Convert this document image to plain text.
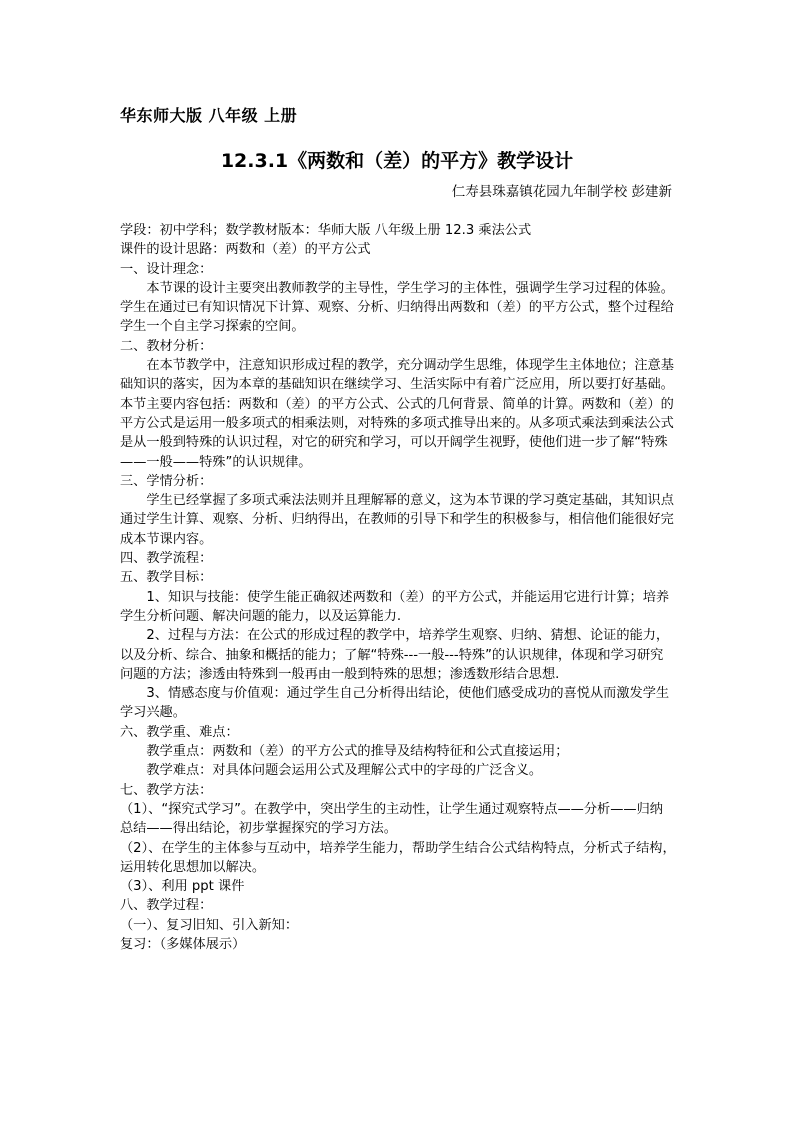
华东师大版 八年级 上册
12.3.1《两数和（差）的平方》教学设计
仁寿县珠嘉镇花园九年制学校 彭建新

学段：初中学科；数学教材版本：华师大版 八年级上册 12.3 乘法公式

课件的设计思路：两数和（差）的平方公式

一、设计理念：

本节课的设计主要突出教师教学的主导性，学生学习的主体性，强调学生学习过程的体验。学生在通过已有知识情况下计算、观察、分析、归纳得出两数和（差）的平方公式，整个过程给学生一个自主学习探索的空间。

二、教材分析：

在本节教学中，注意知识形成过程的教学，充分调动学生思维，体现学生主体地位；注意基础知识的落实，因为本章的基础知识在继续学习、生活实际中有着广泛应用，所以要打好基础。本节主要内容包括：两数和（差）的平方公式、公式的几何背景、简单的计算。两数和（差）的平方公式是运用一般多项式的相乘法则，对特殊的多项式推导出来的。从多项式乘法到乘法公式是从一般到特殊的认识过程，对它的研究和学习，可以开阔学生视野，使他们进一步了解“特殊——一般——特殊”的认识规律。

三、学情分析：

学生已经掌握了多项式乘法法则并且理解幂的意义，这为本节课的学习奠定基础，其知识点通过学生计算、观察、分析、归纳得出，在教师的引导下和学生的积极参与，相信他们能很好完成本节课内容。

四、教学流程：

五、教学目标：

1、知识与技能：使学生能正确叙述两数和（差）的平方公式，并能运用它进行计算；培养学生分析问题、解决问题的能力，以及运算能力.

2、过程与方法：在公式的形成过程的教学中，培养学生观察、归纳、猜想、论证的能力，以及分析、综合、抽象和概括的能力；了解“特殊---一般---特殊”的认识规律，体现和学习研究问题的方法；渗透由特殊到一般再由一般到特殊的思想；渗透数形结合思想.

3、情感态度与价值观：通过学生自己分析得出结论，使他们感受成功的喜悦从而激发学生学习兴趣。

六、教学重、难点：

教学重点：两数和（差）的平方公式的推导及结构特征和公式直接运用；

教学难点：对具体问题会运用公式及理解公式中的字母的广泛含义。

七、教学方法：

（1）、“探究式学习”。在教学中，突出学生的主动性，让学生通过观察特点——分析——归纳总结——得出结论，初步掌握探究的学习方法。

（2）、在学生的主体参与互动中，培养学生能力，帮助学生结合公式结构特点，分析式子结构，运用转化思想加以解决。

（3）、利用 ppt 课件

八、教学过程：

（一）、复习旧知、引入新知：

复习：（多媒体展示）
